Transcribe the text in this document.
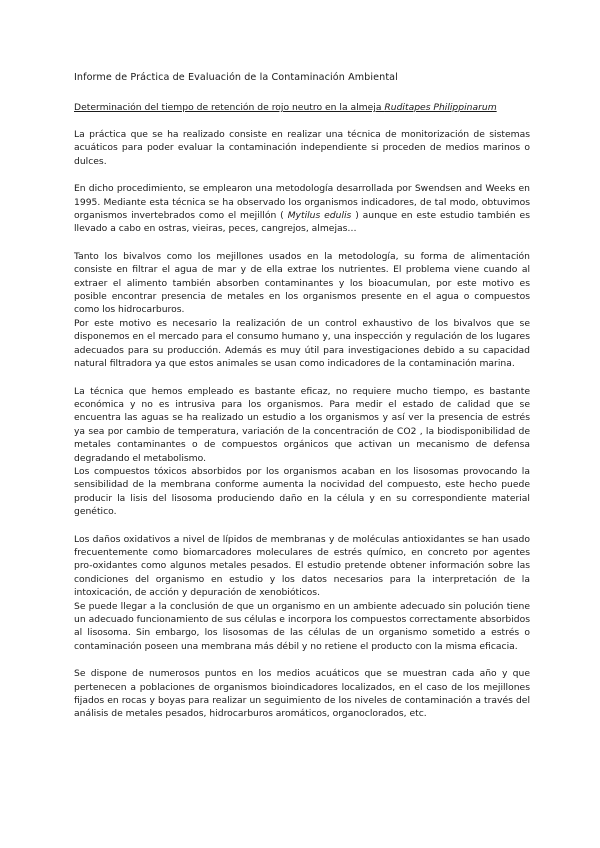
Informe de Práctica de Evaluación de la Contaminación Ambiental
Determinación del tiempo de retención de rojo neutro en la almeja Ruditapes Philippinarum

La práctica que se ha realizado consiste en realizar una técnica de monitorización de sistemas acuáticos para poder evaluar la contaminación independiente si proceden de medios marinos o dulces.

En dicho procedimiento, se emplearon una metodología desarrollada por Swendsen and Weeks en 1995. Mediante esta técnica se ha observado los organismos indicadores, de tal modo, obtuvimos organismos invertebrados como el mejillón ( Mytilus edulis ) aunque en este estudio también es llevado a cabo en ostras, vieiras, peces, cangrejos, almejas…

Tanto los bivalvos como los mejillones usados en la metodología, su forma de alimentación consiste en filtrar el agua de mar y de ella extrae los nutrientes. El problema viene cuando al extraer el alimento también absorben contaminantes y los bioacumulan, por este motivo es posible encontrar presencia de metales en los organismos presente en el agua o compuestos como los hidrocarburos.

Por este motivo es necesario la realización de un control exhaustivo de los bivalvos que se disponemos en el mercado para el consumo humano y, una inspección y regulación de los lugares adecuados para su producción. Además es muy útil para investigaciones debido a su capacidad natural filtradora ya que estos animales se usan como indicadores de la contaminación marina.

La técnica que hemos empleado es bastante eficaz, no requiere mucho tiempo, es bastante económica y no es intrusiva para los organismos. Para medir el estado de calidad que se encuentra las aguas se ha realizado un estudio a los organismos y así ver la presencia de estrés ya sea por cambio de temperatura, variación de la concentración de CO2 , la biodisponibilidad de metales contaminantes o de compuestos orgánicos que activan un mecanismo de defensa degradando el metabolismo.

Los compuestos tóxicos absorbidos por los organismos acaban en los lisosomas provocando la sensibilidad de la membrana conforme aumenta la nocividad del compuesto, este hecho puede producir la lisis del lisosoma produciendo daño en la célula y en su correspondiente material genético.

Los daños oxidativos a nivel de lípidos de membranas y de moléculas antioxidantes se han usado frecuentemente como biomarcadores moleculares de estrés químico, en concreto por agentes pro-oxidantes como algunos metales pesados. El estudio pretende obtener información sobre las condiciones del organismo en estudio y los datos necesarios para la interpretación de la intoxicación, de acción y depuración de xenobióticos.

Se puede llegar a la conclusión de que un organismo en un ambiente adecuado sin polución tiene un adecuado funcionamiento de sus células e incorpora los compuestos correctamente absorbidos al lisosoma. Sin embargo, los lisosomas de las células de un organismo sometido a estrés o contaminación poseen una membrana más débil y no retiene el producto con la misma eficacia.

Se dispone de numerosos puntos en los medios acuáticos que se muestran cada año y que pertenecen a poblaciones de organismos bioindicadores localizados, en el caso de los mejillones fijados en rocas y boyas para realizar un seguimiento de los niveles de contaminación a través del análisis de metales pesados, hidrocarburos aromáticos, organoclorados, etc.
